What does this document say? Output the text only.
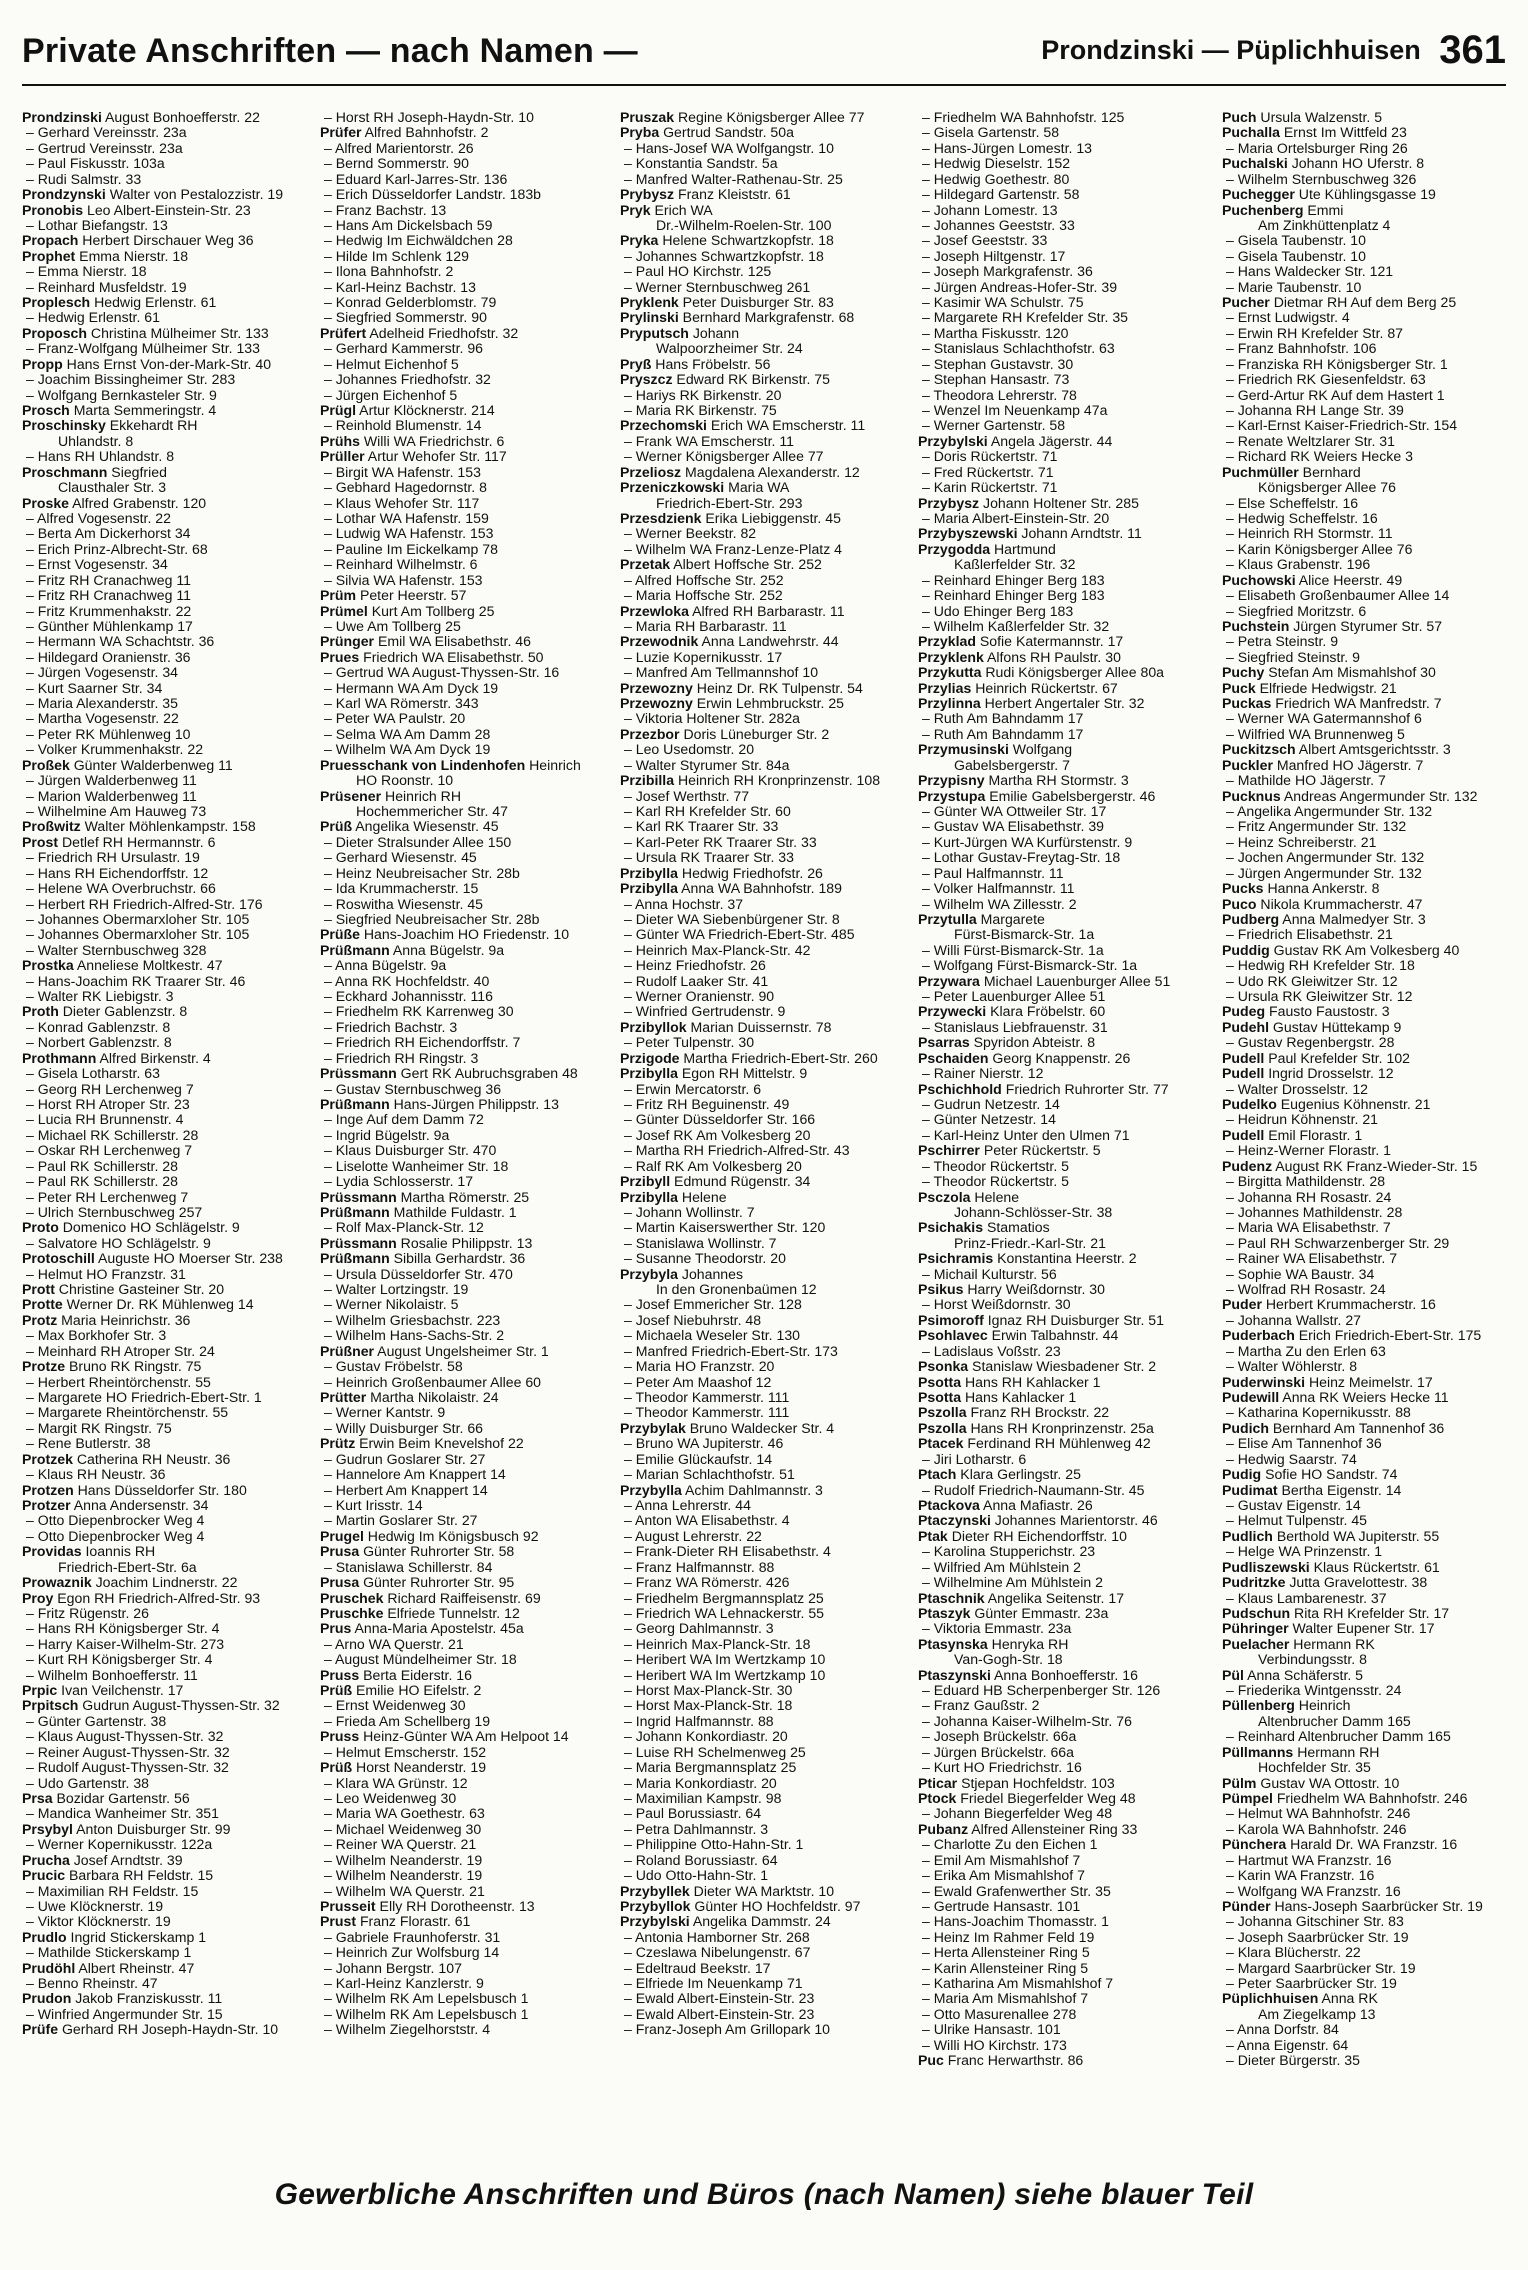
Private Anschriften — nach Namen —	Prondzinski — Püplichhuisen 361
Prondzinski August Bonhoefferstr. 22
– Gerhard Vereinsstr. 23a
– Gertrud Vereinsstr. 23a
– Paul Fiskusstr. 103a
– Rudi Salmstr. 33
Prondzynski Walter von Pestalozzistr. 19
Pronobis Leo Albert-Einstein-Str. 23
– Lothar Biefangstr. 13
Propach Herbert Dirschauer Weg 36
Prophet Emma Nierstr. 18
– Emma Nierstr. 18
– Reinhard Musfeldstr. 19
Proplesch Hedwig Erlenstr. 61
– Hedwig Erlenstr. 61
Proposch Christina Mülheimer Str. 133
– Franz-Wolfgang Mülheimer Str. 133
Propp Hans Ernst Von-der-Mark-Str. 40
– Joachim Bissingheimer Str. 283
– Wolfgang Bernkasteler Str. 9
Prosch Marta Semmeringstr. 4
Proschinsky Ekkehardt RH
Uhlandstr. 8
– Hans RH Uhlandstr. 8
Proschmann Siegfried
Clausthaler Str. 3
Proske Alfred Grabenstr. 120
– Alfred Vogesenstr. 22
– Berta Am Dickerhorst 34
– Erich Prinz-Albrecht-Str. 68
– Ernst Vogesenstr. 34
– Fritz RH Cranachweg 11
– Fritz RH Cranachweg 11
– Fritz Krummenhakstr. 22
– Günther Mühlenkamp 17
– Hermann WA Schachtstr. 36
– Hildegard Oranienstr. 36
– Jürgen Vogesenstr. 34
– Kurt Saarner Str. 34
– Maria Alexanderstr. 35
– Martha Vogesenstr. 22
– Peter RK Mühlenweg 10
– Volker Krummenhakstr. 22
Proßek Günter Walderbenweg 11
– Jürgen Walderbenweg 11
– Marion Walderbenweg 11
– Wilhelmine Am Hauweg 73
Proßwitz Walter Möhlenkampstr. 158
Prost Detlef RH Hermannstr. 6
– Friedrich RH Ursulastr. 19
– Hans RH Eichendorffstr. 12
– Helene WA Overbruchstr. 66
– Herbert RH Friedrich-Alfred-Str. 176
– Johannes Obermarxloher Str. 105
– Johannes Obermarxloher Str. 105
– Walter Sternbuschweg 328
Prostka Anneliese Moltkestr. 47
– Hans-Joachim RK Traarer Str. 46
– Walter RK Liebigstr. 3
Proth Dieter Gablenzstr. 8
– Konrad Gablenzstr. 8
– Norbert Gablenzstr. 8
Prothmann Alfred Birkenstr. 4
– Gisela Lotharstr. 63
– Georg RH Lerchenweg 7
– Horst RH Atroper Str. 23
– Lucia RH Brunnenstr. 4
– Michael RK Schillerstr. 28
– Oskar RH Lerchenweg 7
– Paul RK Schillerstr. 28
– Paul RK Schillerstr. 28
– Peter RH Lerchenweg 7
– Ulrich Sternbuschweg 257
Proto Domenico HO Schlägelstr. 9
– Salvatore HO Schlägelstr. 9
Protoschill Auguste HO Moerser Str. 238
– Helmut HO Franzstr. 31
Prott Christine Gasteiner Str. 20
Protte Werner Dr. RK Mühlenweg 14
Protz Maria Heinrichstr. 36
– Max Borkhofer Str. 3
– Meinhard RH Atroper Str. 24
Protze Bruno RK Ringstr. 75
– Herbert Rheintörchenstr. 55
– Margarete HO Friedrich-Ebert-Str. 1
– Margarete Rheintörchenstr. 55
– Margit RK Ringstr. 75
– Rene Butlerstr. 38
Protzek Catherina RH Neustr. 36
– Klaus RH Neustr. 36
Protzen Hans Düsseldorfer Str. 180
Protzer Anna Andersenstr. 34
– Otto Diepenbrocker Weg 4
– Otto Diepenbrocker Weg 4
Providas Ioannis RH
Friedrich-Ebert-Str. 6a
Prowaznik Joachim Lindnerstr. 22
Proy Egon RH Friedrich-Alfred-Str. 93
– Fritz Rügenstr. 26
– Hans RH Königsberger Str. 4
– Harry Kaiser-Wilhelm-Str. 273
– Kurt RH Königsberger Str. 4
– Wilhelm Bonhoefferstr. 11
Prpic Ivan Veilchenstr. 17
Prpitsch Gudrun August-Thyssen-Str. 32
– Günter Gartenstr. 38
– Klaus August-Thyssen-Str. 32
– Reiner August-Thyssen-Str. 32
– Rudolf August-Thyssen-Str. 32
– Udo Gartenstr. 38
Prsa Bozidar Gartenstr. 56
– Mandica Wanheimer Str. 351
Prsybyl Anton Duisburger Str. 99
– Werner Kopernikusstr. 122a
Prucha Josef Arndtstr. 39
Prucic Barbara RH Feldstr. 15
– Maximilian RH Feldstr. 15
– Uwe Klöcknerstr. 19
– Viktor Klöcknerstr. 19
Prudlo Ingrid Stickerskamp 1
– Mathilde Stickerskamp 1
Prudöhl Albert Rheinstr. 47
– Benno Rheinstr. 47
Prudon Jakob Franziskusstr. 11
– Winfried Angermunder Str. 15
Prüfe Gerhard RH Joseph-Haydn-Str. 10
– Horst RH Joseph-Haydn-Str. 10
Prüfer Alfred Bahnhofstr. 2
– Alfred Marientorstr. 26
– Bernd Sommerstr. 90
– Eduard Karl-Jarres-Str. 136
– Erich Düsseldorfer Landstr. 183b
– Franz Bachstr. 13
– Hans Am Dickelsbach 59
– Hedwig Im Eichwäldchen 28
– Hilde Im Schlenk 129
– Ilona Bahnhofstr. 2
– Karl-Heinz Bachstr. 13
– Konrad Gelderblomstr. 79
– Siegfried Sommerstr. 90
Prüfert Adelheid Friedhofstr. 32
– Gerhard Kammerstr. 96
– Helmut Eichenhof 5
– Johannes Friedhofstr. 32
– Jürgen Eichenhof 5
Prügl Artur Klöcknerstr. 214
– Reinhold Blumenstr. 14
Prühs Willi WA Friedrichstr. 6
Prüller Artur Wehofer Str. 117
– Birgit WA Hafenstr. 153
– Gebhard Hagedornstr. 8
– Klaus Wehofer Str. 117
– Lothar WA Hafenstr. 159
– Ludwig WA Hafenstr. 153
– Pauline Im Eickelkamp 78
– Reinhard Wilhelmstr. 6
– Silvia WA Hafenstr. 153
Prüm Peter Heerstr. 57
Prümel Kurt Am Tollberg 25
– Uwe Am Tollberg 25
Prünger Emil WA Elisabethstr. 46
Prues Friedrich WA Elisabethstr. 50
– Gertrud WA August-Thyssen-Str. 16
– Hermann WA Am Dyck 19
– Karl WA Römerstr. 343
– Peter WA Paulstr. 20
– Selma WA Am Damm 28
– Wilhelm WA Am Dyck 19
Pruesschank von Lindenhofen Heinrich
HO Roonstr. 10
Prüsener Heinrich RH
Hochemmericher Str. 47
Prüß Angelika Wiesenstr. 45
– Dieter Stralsunder Allee 150
– Gerhard Wiesenstr. 45
– Heinz Neubreisacher Str. 28b
– Ida Krummacherstr. 15
– Roswitha Wiesenstr. 45
– Siegfried Neubreisacher Str. 28b
Prüße Hans-Joachim HO Friedenstr. 10
Prüßmann Anna Bügelstr. 9a
– Anna Bügelstr. 9a
– Anna RK Hochfeldstr. 40
– Eckhard Johannisstr. 116
– Friedhelm RK Karrenweg 30
– Friedrich Bachstr. 3
– Friedrich RH Eichendorffstr. 7
– Friedrich RH Ringstr. 3
Prüssmann Gert RK Aubruchsgraben 48
– Gustav Sternbuschweg 36
Prüßmann Hans-Jürgen Philippstr. 13
– Inge Auf dem Damm 72
– Ingrid Bügelstr. 9a
– Klaus Duisburger Str. 470
– Liselotte Wanheimer Str. 18
– Lydia Schlosserstr. 17
Prüssmann Martha Römerstr. 25
Prüßmann Mathilde Fuldastr. 1
– Rolf Max-Planck-Str. 12
Prüssmann Rosalie Philippstr. 13
Prüßmann Sibilla Gerhardstr. 36
– Ursula Düsseldorfer Str. 470
– Walter Lortzingstr. 19
– Werner Nikolaistr. 5
– Wilhelm Griesbachstr. 223
– Wilhelm Hans-Sachs-Str. 2
Prüßner August Ungelsheimer Str. 1
– Gustav Fröbelstr. 58
– Heinrich Großenbaumer Allee 60
Prütter Martha Nikolaistr. 24
– Werner Kantstr. 9
– Willy Duisburger Str. 66
Prütz Erwin Beim Knevelshof 22
– Gudrun Goslarer Str. 27
– Hannelore Am Knappert 14
– Herbert Am Knappert 14
– Kurt Irisstr. 14
– Martin Goslarer Str. 27
Prugel Hedwig Im Königsbusch 92
Prusa Günter Ruhrorter Str. 58
– Stanislawa Schillerstr. 84
Prusa Günter Ruhrorter Str. 95
Pruschek Richard Raiffeisenstr. 69
Pruschke Elfriede Tunnelstr. 12
Prus Anna-Maria Apostelstr. 45a
– Arno WA Querstr. 21
– August Mündelheimer Str. 18
Pruss Berta Eiderstr. 16
Prüß Emilie HO Eifelstr. 2
– Ernst Weidenweg 30
– Frieda Am Schellberg 19
Pruss Heinz-Günter WA Am Helpoot 14
– Helmut Emscherstr. 152
Prüß Horst Neanderstr. 19
– Klara WA Grünstr. 12
– Leo Weidenweg 30
– Maria WA Goethestr. 63
– Michael Weidenweg 30
– Reiner WA Querstr. 21
– Wilhelm Neanderstr. 19
– Wilhelm Neanderstr. 19
– Wilhelm WA Querstr. 21
Prusseit Elly RH Dorotheenstr. 13
Prust Franz Florastr. 61
– Gabriele Fraunhoferstr. 31
– Heinrich Zur Wolfsburg 14
– Johann Bergstr. 107
– Karl-Heinz Kanzlerstr. 9
– Wilhelm RK Am Lepelsbusch 1
– Wilhelm RK Am Lepelsbusch 1
– Wilhelm Ziegelhorststr. 4
Pruszak Regine Königsberger Allee 77
Pryba Gertrud Sandstr. 50a
– Hans-Josef WA Wolfgangstr. 10
– Konstantia Sandstr. 5a
– Manfred Walter-Rathenau-Str. 25
Prybysz Franz Kleiststr. 61
Pryk Erich WA
Dr.-Wilhelm-Roelen-Str. 100
Pryka Helene Schwartzkopfstr. 18
– Johannes Schwartzkopfstr. 18
– Paul HO Kirchstr. 125
– Werner Sternbuschweg 261
Pryklenk Peter Duisburger Str. 83
Prylinski Bernhard Markgrafenstr. 68
Pryputsch Johann
Walpoorzheimer Str. 24
Pryß Hans Fröbelstr. 56
Pryszcz Edward RK Birkenstr. 75
– Hariys RK Birkenstr. 20
– Maria RK Birkenstr. 75
Przechomski Erich WA Emscherstr. 11
– Frank WA Emscherstr. 11
– Werner Königsberger Allee 77
Przeliosz Magdalena Alexanderstr. 12
Przeniczkowski Maria WA
Friedrich-Ebert-Str. 293
Przesdzienk Erika Liebiggenstr. 45
– Werner Beekstr. 82
– Wilhelm WA Franz-Lenze-Platz 4
Przetak Albert Hoffsche Str. 252
– Alfred Hoffsche Str. 252
– Maria Hoffsche Str. 252
Przewloka Alfred RH Barbarastr. 11
– Maria RH Barbarastr. 11
Przewodnik Anna Landwehrstr. 44
– Luzie Kopernikusstr. 17
– Manfred Am Tellmannshof 10
Przewozny Heinz Dr. RK Tulpenstr. 54
Przewozny Erwin Lehmbruckstr. 25
– Viktoria Holtener Str. 282a
Przezbor Doris Lüneburger Str. 2
– Leo Usedomstr. 20
– Walter Styrumer Str. 84a
Przibilla Heinrich RH Kronprinzenstr. 108
– Josef Werthstr. 77
– Karl RH Krefelder Str. 60
– Karl RK Traarer Str. 33
– Karl-Peter RK Traarer Str. 33
– Ursula RK Traarer Str. 33
Przibylla Hedwig Friedhofstr. 26
Przibylla Anna WA Bahnhofstr. 189
– Anna Hochstr. 37
– Dieter WA Siebenbürgener Str. 8
– Günter WA Friedrich-Ebert-Str. 485
– Heinrich Max-Planck-Str. 42
– Heinz Friedhofstr. 26
– Rudolf Laaker Str. 41
– Werner Oranienstr. 90
– Winfried Gertrudenstr. 9
Przibyllok Marian Duissernstr. 78
– Peter Tulpenstr. 30
Przigode Martha Friedrich-Ebert-Str. 260
Przibylla Egon RH Mittelstr. 9
– Erwin Mercatorstr. 6
– Fritz RH Beguinenstr. 49
– Günter Düsseldorfer Str. 166
– Josef RK Am Volkesberg 20
– Martha RH Friedrich-Alfred-Str. 43
– Ralf RK Am Volkesberg 20
Przibyll Edmund Rügenstr. 34
Przibylla Helene
– Johann Wollinstr. 7
– Martin Kaiserswerther Str. 120
– Stanislawa Wollinstr. 7
– Susanne Theodorstr. 20
Przybyla Johannes
In den Gronenbaümen 12
– Josef Emmericher Str. 128
– Josef Niebuhrstr. 48
– Michaela Weseler Str. 130
– Manfred Friedrich-Ebert-Str. 173
– Maria HO Franzstr. 20
– Peter Am Maashof 12
– Theodor Kammerstr. 111
– Theodor Kammerstr. 111
Przybylak Bruno Waldecker Str. 4
– Bruno WA Jupiterstr. 46
– Emilie Glückaufstr. 14
– Marian Schlachthofstr. 51
Przybylla Achim Dahlmannstr. 3
– Anna Lehrerstr. 44
– Anton WA Elisabethstr. 4
– August Lehrerstr. 22
– Frank-Dieter RH Elisabethstr. 4
– Franz Halfmannstr. 88
– Franz WA Römerstr. 426
– Friedhelm Bergmannsplatz 25
– Friedrich WA Lehnackerstr. 55
– Georg Dahlmannstr. 3
– Heinrich Max-Planck-Str. 18
– Heribert WA Im Wertzkamp 10
– Heribert WA Im Wertzkamp 10
– Horst Max-Planck-Str. 30
– Horst Max-Planck-Str. 18
– Ingrid Halfmannstr. 88
– Johann Konkordiastr. 20
– Luise RH Schelmenweg 25
– Maria Bergmannsplatz 25
– Maria Konkordiastr. 20
– Maximilian Kampstr. 98
– Paul Borussiastr. 64
– Petra Dahlmannstr. 3
– Philippine Otto-Hahn-Str. 1
– Roland Borussiastr. 64
– Udo Otto-Hahn-Str. 1
Przybyllek Dieter WA Marktstr. 10
Przybyllok Günter HO Hochfeldstr. 97
Przybylski Angelika Dammstr. 24
– Antonia Hamborner Str. 268
– Czeslawa Nibelungenstr. 67
– Edeltraud Beekstr. 17
– Elfriede Im Neuenkamp 71
– Ewald Albert-Einstein-Str. 23
– Ewald Albert-Einstein-Str. 23
– Franz-Joseph Am Grillopark 10
– Friedhelm WA Bahnhofstr. 125
– Gisela Gartenstr. 58
– Hans-Jürgen Lomestr. 13
– Hedwig Dieselstr. 152
– Hedwig Goethestr. 80
– Hildegard Gartenstr. 58
– Johann Lomestr. 13
– Johannes Geeststr. 33
– Josef Geeststr. 33
– Joseph Hiltgenstr. 17
– Joseph Markgrafenstr. 36
– Jürgen Andreas-Hofer-Str. 39
– Kasimir WA Schulstr. 75
– Margarete RH Krefelder Str. 35
– Martha Fiskusstr. 120
– Stanislaus Schlachthofstr. 63
– Stephan Gustavstr. 30
– Stephan Hansastr. 73
– Theodora Lehrerstr. 78
– Wenzel Im Neuenkamp 47a
– Werner Gartenstr. 58
Przybylski Angela Jägerstr. 44
– Doris Rückertstr. 71
– Fred Rückertstr. 71
– Karin Rückertstr. 71
Przybysz Johann Holtener Str. 285
– Maria Albert-Einstein-Str. 20
Przybyszewski Johann Arndtstr. 11
Przygodda Hartmund
Kaßlerfelder Str. 32
– Reinhard Ehinger Berg 183
– Reinhard Ehinger Berg 183
– Udo Ehinger Berg 183
– Wilhelm Kaßlerfelder Str. 32
Przyklad Sofie Katermannstr. 17
Przyklenk Alfons RH Paulstr. 30
Przykutta Rudi Königsberger Allee 80a
Przylias Heinrich Rückertstr. 67
Przylinna Herbert Angertaler Str. 32
– Ruth Am Bahndamm 17
– Ruth Am Bahndamm 17
Przymusinski Wolfgang
Gabelsbergerstr. 7
Przypisny Martha RH Stormstr. 3
Przystupa Emilie Gabelsbergerstr. 46
– Günter WA Ottweiler Str. 17
– Gustav WA Elisabethstr. 39
– Kurt-Jürgen WA Kurfürstenstr. 9
– Lothar Gustav-Freytag-Str. 18
– Paul Halfmannstr. 11
– Volker Halfmannstr. 11
– Wilhelm WA Zillesstr. 2
Przytulla Margarete
Fürst-Bismarck-Str. 1a
– Willi Fürst-Bismarck-Str. 1a
– Wolfgang Fürst-Bismarck-Str. 1a
Przywara Michael Lauenburger Allee 51
– Peter Lauenburger Allee 51
Przywecki Klara Fröbelstr. 60
– Stanislaus Liebfrauenstr. 31
Psarras Spyridon Abteistr. 8
Pschaiden Georg Knappenstr. 26
– Rainer Nierstr. 12
Pschichhold Friedrich Ruhrorter Str. 77
– Gudrun Netzestr. 14
– Günter Netzestr. 14
– Karl-Heinz Unter den Ulmen 71
Pschirrer Peter Rückertstr. 5
– Theodor Rückertstr. 5
– Theodor Rückertstr. 5
Psczola Helene
Johann-Schlösser-Str. 38
Psichakis Stamatios
Prinz-Friedr.-Karl-Str. 21
Psichramis Konstantina Heerstr. 2
– Michail Kulturstr. 56
Psikus Harry Weißdornstr. 30
– Horst Weißdornstr. 30
Psimoroff Ignaz RH Duisburger Str. 51
Psohlavec Erwin Talbahnstr. 44
– Ladislaus Voßstr. 23
Psonka Stanislaw Wiesbadener Str. 2
Psotta Hans RH Kahlacker 1
Psotta Hans Kahlacker 1
Pszolla Franz RH Brockstr. 22
Pszolla Hans RH Kronprinzenstr. 25a
Ptacek Ferdinand RH Mühlenweg 42
– Jiri Lotharstr. 6
Ptach Klara Gerlingstr. 25
– Rudolf Friedrich-Naumann-Str. 45
Ptackova Anna Mafiastr. 26
Ptaczynski Johannes Marientorstr. 46
Ptak Dieter RH Eichendorffstr. 10
– Karolina Stupperichstr. 23
– Wilfried Am Mühlstein 2
– Wilhelmine Am Mühlstein 2
Ptaschnik Angelika Seitenstr. 17
Ptaszyk Günter Emmastr. 23a
– Viktoria Emmastr. 23a
Ptasynska Henryka RH
Van-Gogh-Str. 18
Ptaszynski Anna Bonhoefferstr. 16
– Eduard HB Scherpenberger Str. 126
– Franz Gaußstr. 2
– Johanna Kaiser-Wilhelm-Str. 76
– Joseph Brückelstr. 66a
– Jürgen Brückelstr. 66a
– Kurt HO Friedrichstr. 16
Pticar Stjepan Hochfeldstr. 103
Ptock Friedel Biegerfelder Weg 48
– Johann Biegerfelder Weg 48
Pubanz Alfred Allensteiner Ring 33
– Charlotte Zu den Eichen 1
– Emil Am Mismahlshof 7
– Erika Am Mismahlshof 7
– Ewald Grafenwerther Str. 35
– Gertrude Hansastr. 101
– Hans-Joachim Thomasstr. 1
– Heinz Im Rahmer Feld 19
– Herta Allensteiner Ring 5
– Karin Allensteiner Ring 5
– Katharina Am Mismahlshof 7
– Maria Am Mismahlshof 7
– Otto Masurenallee 278
– Ulrike Hansastr. 101
– Willi HO Kirchstr. 173
Puc Franc Herwarthstr. 86
Puch Ursula Walzenstr. 5
Puchalla Ernst Im Wittfeld 23
– Maria Ortelsburger Ring 26
Puchalski Johann HO Uferstr. 8
– Wilhelm Sternbuschweg 326
Puchegger Ute Kühlingsgasse 19
Puchenberg Emmi
Am Zinkhüttenplatz 4
– Gisela Taubenstr. 10
– Gisela Taubenstr. 10
– Hans Waldecker Str. 121
– Marie Taubenstr. 10
Pucher Dietmar RH Auf dem Berg 25
– Ernst Ludwigstr. 4
– Erwin RH Krefelder Str. 87
– Franz Bahnhofstr. 106
– Franziska RH Königsberger Str. 1
– Friedrich RK Giesenfeldstr. 63
– Gerd-Artur RK Auf dem Hastert 1
– Johanna RH Lange Str. 39
– Karl-Ernst Kaiser-Friedrich-Str. 154
– Renate Weltzlarer Str. 31
– Richard RK Weiers Hecke 3
Puchmüller Bernhard
Königsberger Allee 76
– Else Scheffelstr. 16
– Hedwig Scheffelstr. 16
– Heinrich RH Stormstr. 11
– Karin Königsberger Allee 76
– Klaus Grabenstr. 196
Puchowski Alice Heerstr. 49
– Elisabeth Großenbaumer Allee 14
– Siegfried Moritzstr. 6
Puchstein Jürgen Styrumer Str. 57
– Petra Steinstr. 9
– Siegfried Steinstr. 9
Puchy Stefan Am Mismahlshof 30
Puck Elfriede Hedwigstr. 21
Puckas Friedrich WA Manfredstr. 7
– Werner WA Gatermannshof 6
– Wilfried WA Brunnenweg 5
Puckitzsch Albert Amtsgerichtsstr. 3
Puckler Manfred HO Jägerstr. 7
– Mathilde HO Jägerstr. 7
Pucknus Andreas Angermunder Str. 132
– Angelika Angermunder Str. 132
– Fritz Angermunder Str. 132
– Heinz Schreiberstr. 21
– Jochen Angermunder Str. 132
– Jürgen Angermunder Str. 132
Pucks Hanna Ankerstr. 8
Puco Nikola Krummacherstr. 47
Pudberg Anna Malmedyer Str. 3
– Friedrich Elisabethstr. 21
Puddig Gustav RK Am Volkesberg 40
– Hedwig RH Krefelder Str. 18
– Udo RK Gleiwitzer Str. 12
– Ursula RK Gleiwitzer Str. 12
Pudeg Fausto Faustostr. 3
Pudehl Gustav Hüttekamp 9
– Gustav Regenbergstr. 28
Pudell Paul Krefelder Str. 102
Pudell Ingrid Drosselstr. 12
– Walter Drosselstr. 12
Pudelko Eugenius Köhnenstr. 21
– Heidrun Köhnenstr. 21
Pudell Emil Florastr. 1
– Heinz-Werner Florastr. 1
Pudenz August RK Franz-Wieder-Str. 15
– Birgitta Mathildenstr. 28
– Johanna RH Rosastr. 24
– Johannes Mathildenstr. 28
– Maria WA Elisabethstr. 7
– Paul RH Schwarzenberger Str. 29
– Rainer WA Elisabethstr. 7
– Sophie WA Baustr. 34
– Wolfrad RH Rosastr. 24
Puder Herbert Krummacherstr. 16
– Johanna Wallstr. 27
Puderbach Erich Friedrich-Ebert-Str. 175
– Martha Zu den Erlen 63
– Walter Wöhlerstr. 8
Puderwinski Heinz Meimelstr. 17
Pudewill Anna RK Weiers Hecke 11
– Katharina Kopernikusstr. 88
Pudich Bernhard Am Tannenhof 36
– Elise Am Tannenhof 36
– Hedwig Saarstr. 74
Pudig Sofie HO Sandstr. 74
Pudimat Bertha Eigenstr. 14
– Gustav Eigenstr. 14
– Helmut Tulpenstr. 45
Pudlich Berthold WA Jupiterstr. 55
– Helge WA Prinzenstr. 1
Pudliszewski Klaus Rückertstr. 61
Pudritzke Jutta Gravelottestr. 38
– Klaus Lambarenestr. 37
Pudschun Rita RH Krefelder Str. 17
Pühringer Walter Eupener Str. 17
Puelacher Hermann RK
Verbindungsstr. 8
Pül Anna Schäferstr. 5
– Friederika Wintgensstr. 24
Püllenberg Heinrich
Altenbrucher Damm 165
– Reinhard Altenbrucher Damm 165
Püllmanns Hermann RH
Hochfelder Str. 35
Pülm Gustav WA Ottostr. 10
Pümpel Friedhelm WA Bahnhofstr. 246
– Helmut WA Bahnhofstr. 246
– Karola WA Bahnhofstr. 246
Pünchera Harald Dr. WA Franzstr. 16
– Hartmut WA Franzstr. 16
– Karin WA Franzstr. 16
– Wolfgang WA Franzstr. 16
Pünder Hans-Joseph Saarbrücker Str. 19
– Johanna Gitschiner Str. 83
– Joseph Saarbrücker Str. 19
– Klara Blücherstr. 22
– Margard Saarbrücker Str. 19
– Peter Saarbrücker Str. 19
Püplichhuisen Anna RK
Am Ziegelkamp 13
– Anna Dorfstr. 84
– Anna Eigenstr. 64
– Dieter Bürgerstr. 35
Gewerbliche Anschriften und Büros (nach Namen) siehe blauer Teil
